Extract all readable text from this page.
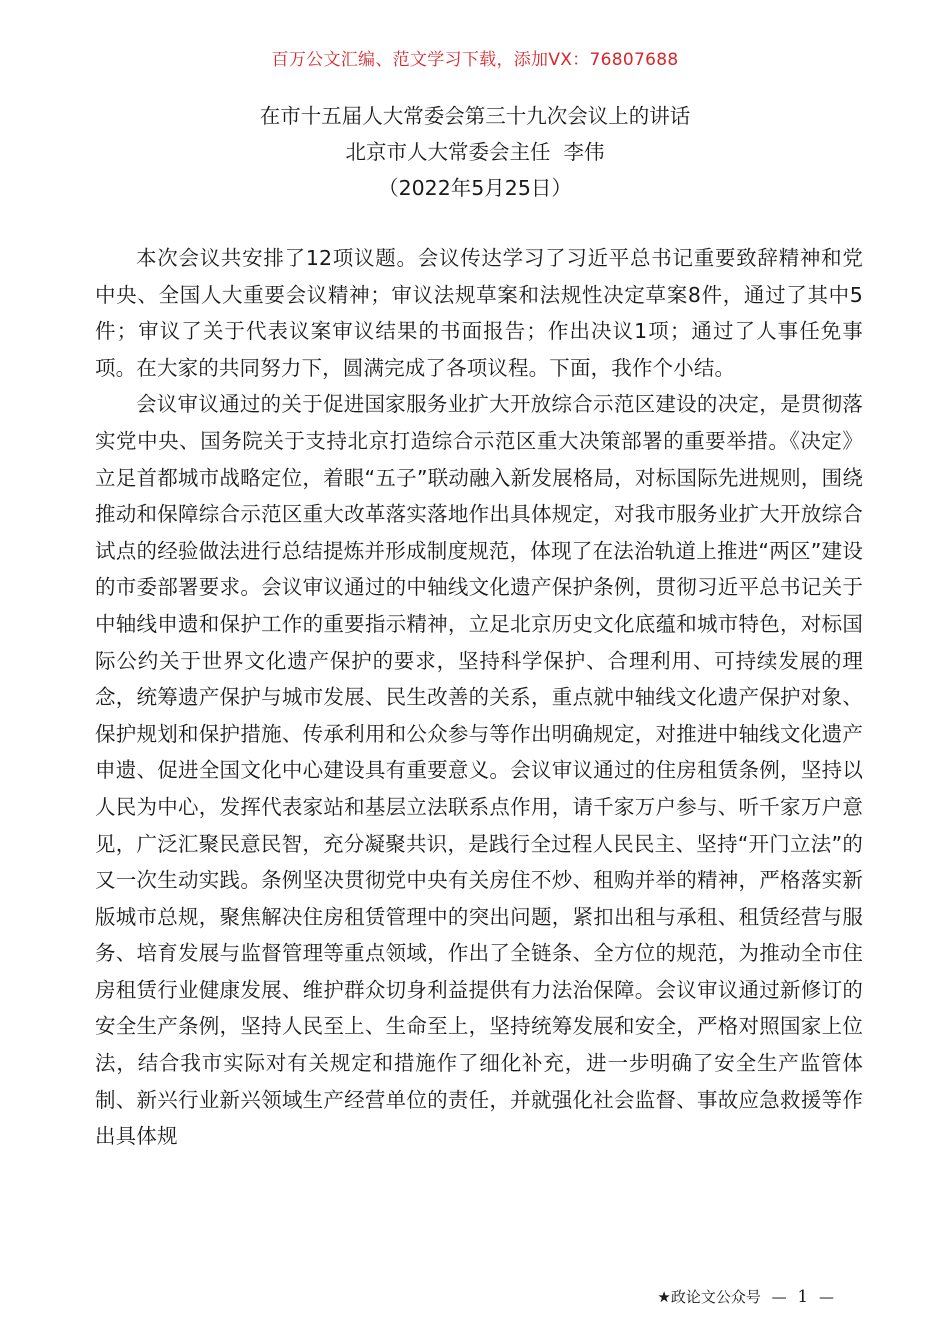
百万公文汇编、范文学习下载，添加VX：76807688
在市十五届人大常委会第三十九次会议上的讲话
北京市人大常委会主任  李伟
（2022年5月25日）

本次会议共安排了12项议题。会议传达学习了习近平总书记重要致辞精神和党中央、全国人大重要会议精神；审议法规草案和法规性决定草案8件，通过了其中5件；审议了关于代表议案审议结果的书面报告；作出决议1项；通过了人事任免事项。在大家的共同努力下，圆满完成了各项议程。下面，我作个小结。

会议审议通过的关于促进国家服务业扩大开放综合示范区建设的决定，是贯彻落实党中央、国务院关于支持北京打造综合示范区重大决策部署的重要举措。《决定》立足首都城市战略定位，着眼“五子”联动融入新发展格局，对标国际先进规则，围绕推动和保障综合示范区重大改革落实落地作出具体规定，对我市服务业扩大开放综合试点的经验做法进行总结提炼并形成制度规范，体现了在法治轨道上推进“两区”建设的市委部署要求。会议审议通过的中轴线文化遗产保护条例，贯彻习近平总书记关于中轴线申遗和保护工作的重要指示精神，立足北京历史文化底蕴和城市特色，对标国际公约关于世界文化遗产保护的要求，坚持科学保护、合理利用、可持续发展的理念，统筹遗产保护与城市发展、民生改善的关系，重点就中轴线文化遗产保护对象、保护规划和保护措施、传承利用和公众参与等作出明确规定，对推进中轴线文化遗产申遗、促进全国文化中心建设具有重要意义。会议审议通过的住房租赁条例，坚持以人民为中心，发挥代表家站和基层立法联系点作用，请千家万户参与、听千家万户意见，广泛汇聚民意民智，充分凝聚共识，是践行全过程人民民主、坚持“开门立法”的又一次生动实践。条例坚决贯彻党中央有关房住不炒、租购并举的精神，严格落实新版城市总规，聚焦解决住房租赁管理中的突出问题，紧扣出租与承租、租赁经营与服务、培育发展与监督管理等重点领域，作出了全链条、全方位的规范，为推动全市住房租赁行业健康发展、维护群众切身利益提供有力法治保障。会议审议通过新修订的安全生产条例，坚持人民至上、生命至上，坚持统筹发展和安全，严格对照国家上位法，结合我市实际对有关规定和措施作了细化补充，进一步明确了安全生产监管体制、新兴行业新兴领域生产经营单位的责任，并就强化社会监督、事故应急救援等作出具体规

★政论文公众号 — 1 —
